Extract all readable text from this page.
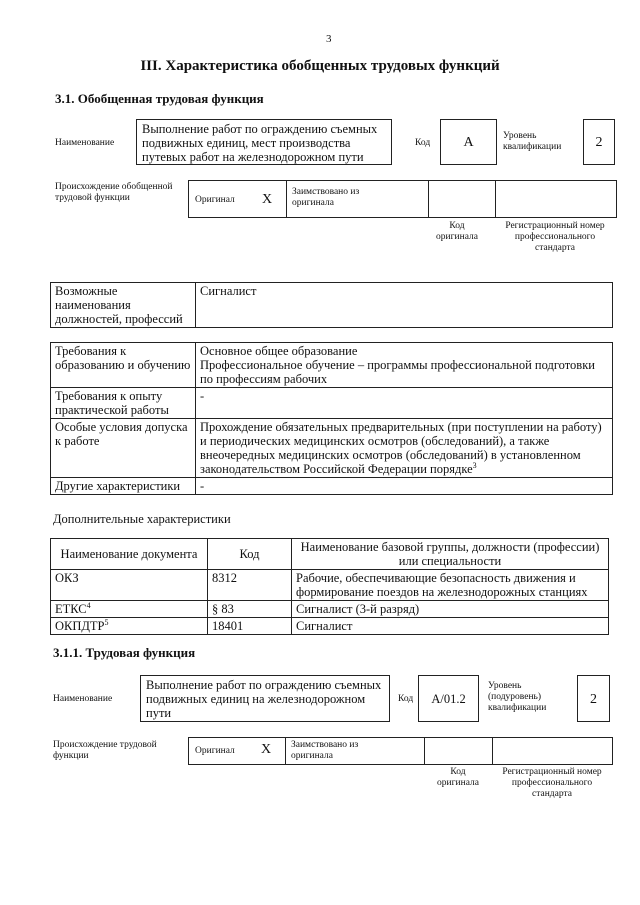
3
III. Характеристика обобщенных трудовых функций
3.1. Обобщенная трудовая функция
Наименование
Выполнение работ по ограждению съемных подвижных единиц, мест производства путевых работ на железнодорожном пути
Код	A	Уровень квалификации	2
Происхождение обобщенной трудовой функции	Оригинал X Заимствовано из оригинала
Код оригинала
Регистрационный номер профессионального стандарта
Возможные наименования должностей, профессий	Сигналист
Требования к образованию и обучению	Основное общее образование
Профессиональное обучение – программы профессиональной подготовки по профессиям рабочих
Требования к опыту практической работы	-
Особые условия допуска к работе	Прохождение обязательных предварительных (при поступлении на работу) и периодических медицинских осмотров (обследований), а также внеочередных медицинских осмотров (обследований) в установленном законодательством Российской Федерации порядке$^3$
Другие характеристики	-
Дополнительные характеристики
Наименование документа	Код	Наименование базовой группы, должности (профессии) или специальности
ОКЗ	8312	Рабочие, обеспечивающие безопасность движения и формирование поездов на железнодорожных станциях
ЕТКС$^4$	§ 83	Сигналист (3-й разряд)
ОКПДТР$^5$	18401	Сигналист
3.1.1. Трудовая функция
Наименование
Выполнение работ по ограждению съемных подвижных единиц на железнодорожном пути
Код	A/01.2
Уровень (подуровень) квалификации
2
Происхождение трудовой функции	Оригинал X Заимствовано из оригинала
Код оригинала
Регистрационный номер профессионального стандарта
